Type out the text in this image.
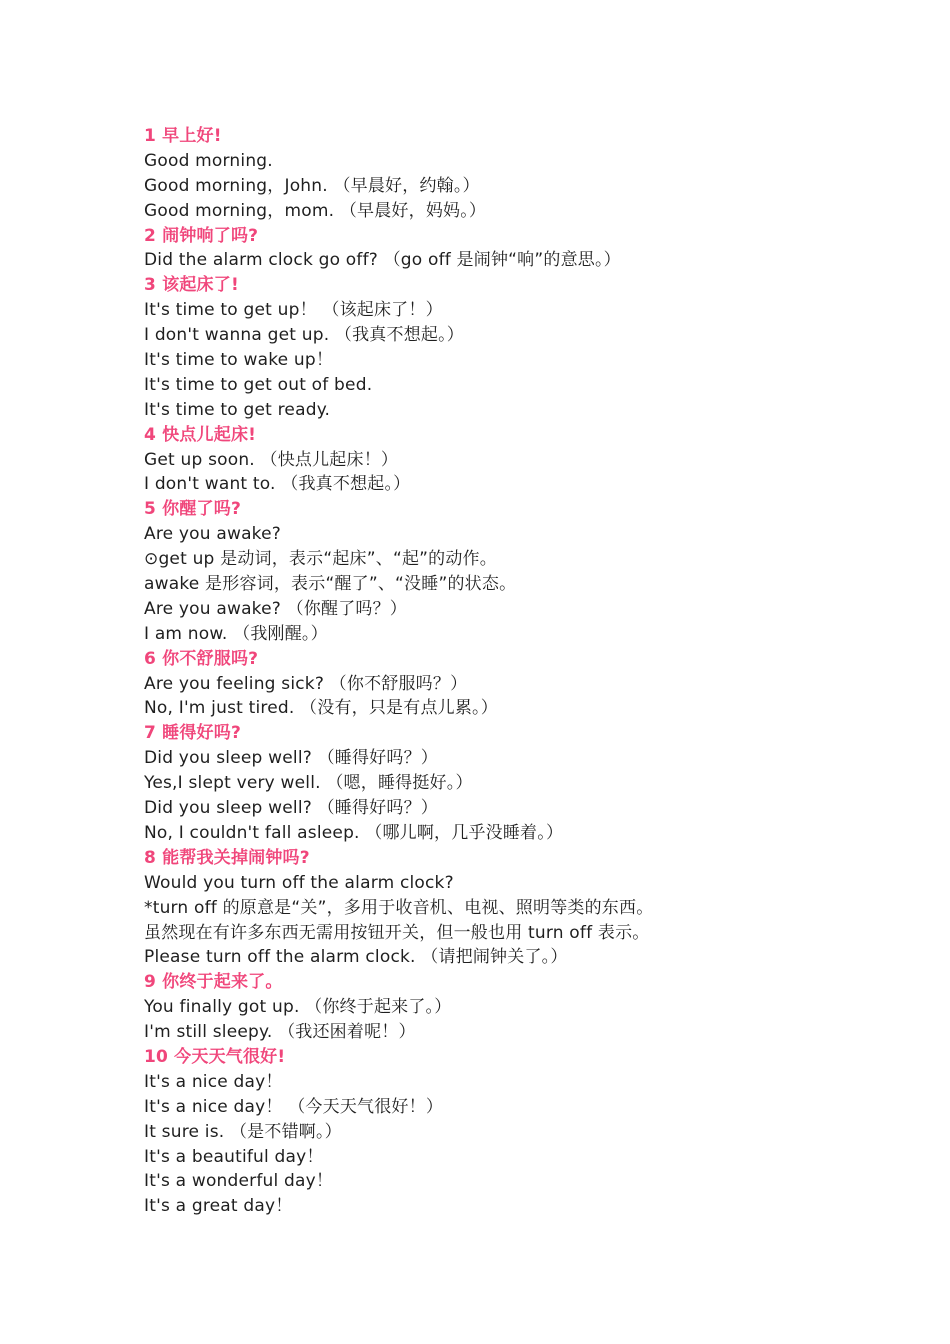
1 早上好!
Good morning.
Good morning，John. （早晨好，约翰。）
Good morning，mom. （早晨好，妈妈。）
2 闹钟响了吗?
Did the alarm clock go off? （go off 是闹钟“响”的意思。）
3 该起床了!
It's time to get up！ （该起床了！）
I don't wanna get up. （我真不想起。）
It's time to wake up！
It's time to get out of bed.
It's time to get ready.
4 快点儿起床!
Get up soon. （快点儿起床！）
I don't want to. （我真不想起。）
5 你醒了吗?
Are you awake?
⊙get up 是动词，表示“起床”、“起”的动作。
awake 是形容词，表示“醒了”、“没睡”的状态。
Are you awake? （你醒了吗？）
I am now. （我刚醒。）
6 你不舒服吗?
Are you feeling sick? （你不舒服吗？）
No, I'm just tired. （没有，只是有点儿累。）
7 睡得好吗?
Did you sleep well? （睡得好吗？）
Yes,I slept very well. （嗯，睡得挺好。）
Did you sleep well? （睡得好吗？）
No, I couldn't fall asleep. （哪儿啊，几乎没睡着。）
8 能帮我关掉闹钟吗?
Would you turn off the alarm clock?
*turn off 的原意是“关”，多用于收音机、电视、照明等类的东西。
虽然现在有许多东西无需用按钮开关，但一般也用 turn off 表示。
Please turn off the alarm clock. （请把闹钟关了。）
9 你终于起来了。
You finally got up. （你终于起来了。）
I'm still sleepy. （我还困着呢！）
10 今天天气很好!
It's a nice day！
It's a nice day！ （今天天气很好！）
It sure is. （是不错啊。）
It's a beautiful day！
It's a wonderful day！
It's a great day！
